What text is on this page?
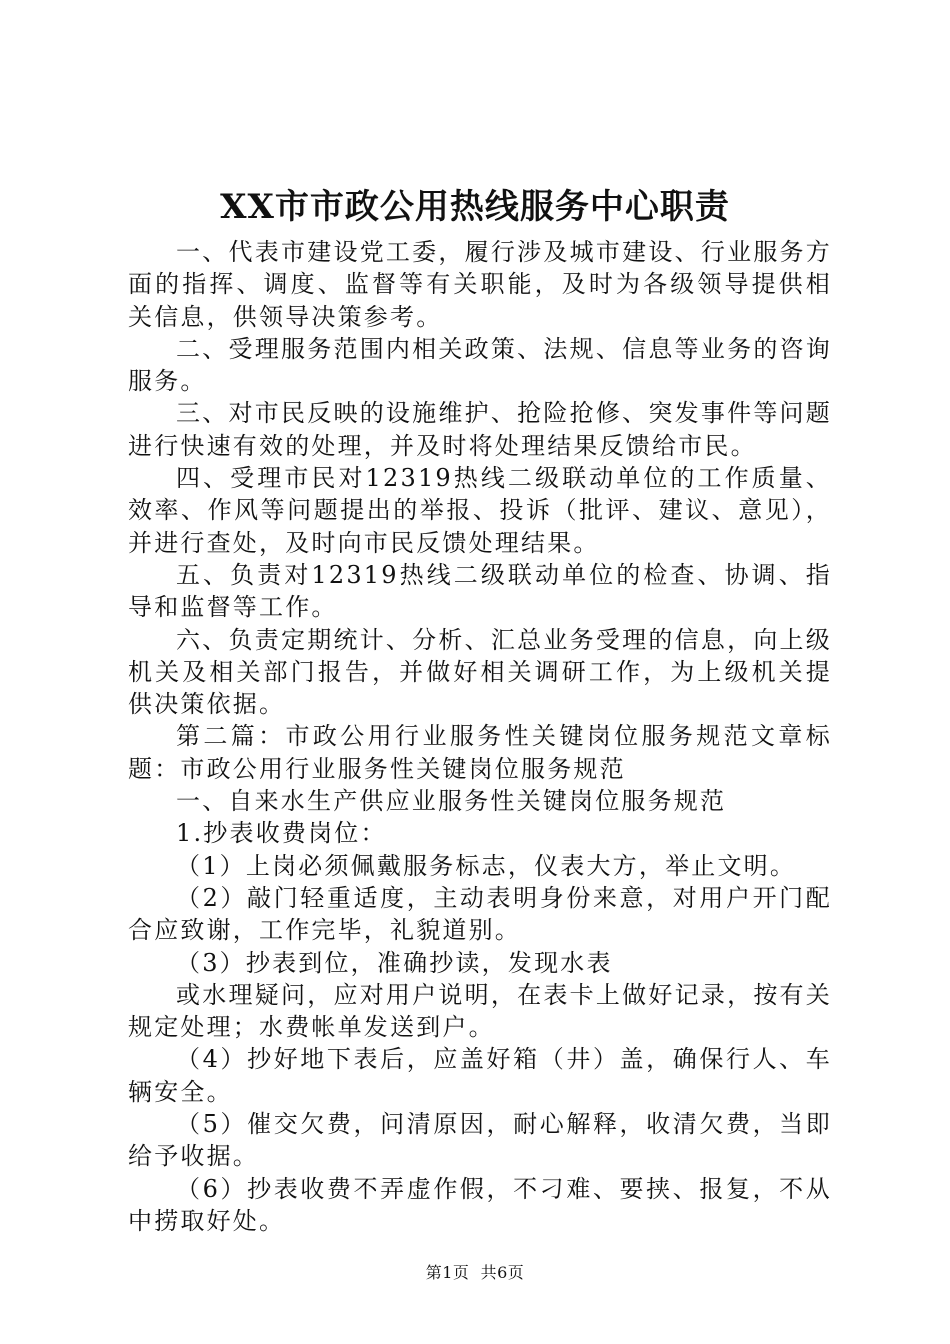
XX市市政公用热线服务中心职责

一、代表市建设党工委，履行涉及城市建设、行业服务方面的指挥、调度、监督等有关职能，及时为各级领导提供相关信息，供领导决策参考。

二、受理服务范围内相关政策、法规、信息等业务的咨询服务。

三、对市民反映的设施维护、抢险抢修、突发事件等问题进行快速有效的处理，并及时将处理结果反馈给市民。

四、受理市民对12319热线二级联动单位的工作质量、效率、作风等问题提出的举报、投诉（批评、建议、意见），并进行查处，及时向市民反馈处理结果。

五、负责对12319热线二级联动单位的检查、协调、指导和监督等工作。

六、负责定期统计、分析、汇总业务受理的信息，向上级机关及相关部门报告，并做好相关调研工作，为上级机关提供决策依据。

第二篇：市政公用行业服务性关键岗位服务规范文章标题：市政公用行业服务性关键岗位服务规范

一、自来水生产供应业服务性关键岗位服务规范

1.抄表收费岗位：

（1）上岗必须佩戴服务标志，仪表大方，举止文明。

（2）敲门轻重适度，主动表明身份来意，对用户开门配合应致谢，工作完毕，礼貌道别。

（3）抄表到位，准确抄读，发现水表

或水理疑问，应对用户说明，在表卡上做好记录，按有关规定处理；水费帐单发送到户。

（4）抄好地下表后，应盖好箱（井）盖，确保行人、车辆安全。

（5）催交欠费，问清原因，耐心解释，收清欠费，当即给予收据。

（6）抄表收费不弄虚作假，不刁难、要挟、报复，不从中捞取好处。

第1页 共6页
